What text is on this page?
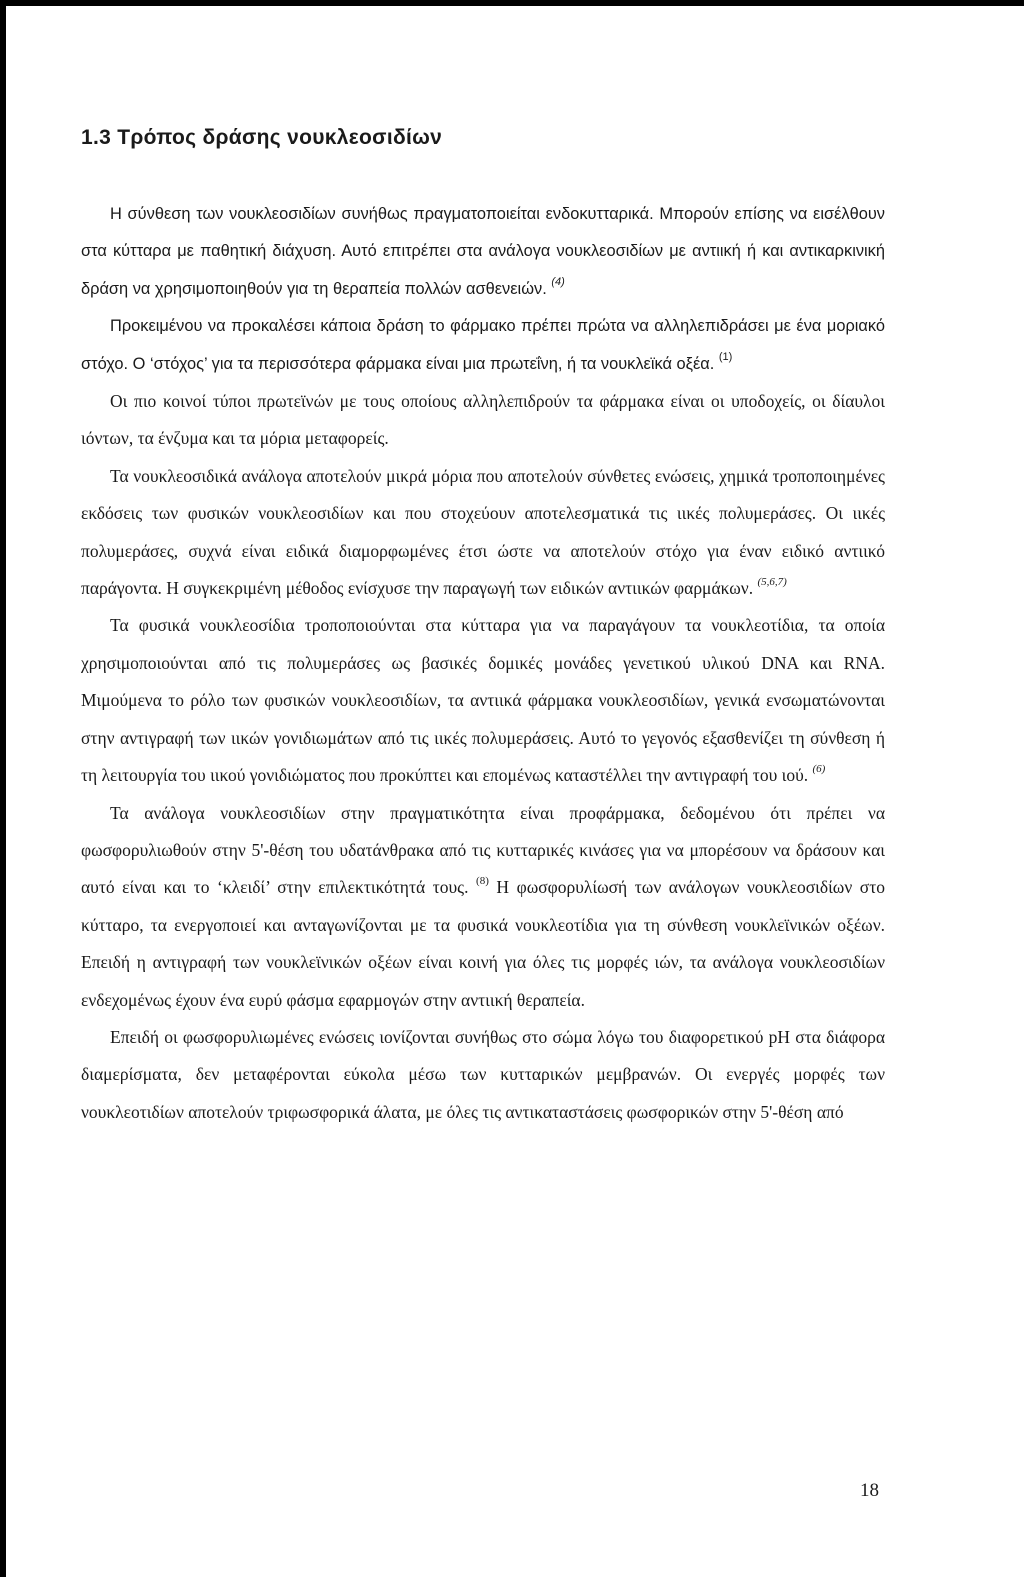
1.3 Τρόπος δράσης νουκλεοσιδίων

Η σύνθεση των νουκλεοσιδίων συνήθως πραγματοποιείται ενδοκυτταρικά. Μπορούν επίσης να εισέλθουν στα κύτταρα με παθητική διάχυση. Αυτό επιτρέπει στα ανάλογα νουκλεοσιδίων με αντιική ή και αντικαρκινική δράση να χρησιμοποιηθούν για τη θεραπεία πολλών ασθενειών. $^{(4)}$

Προκειμένου να προκαλέσει κάποια δράση το φάρμακο πρέπει πρώτα να αλληλεπιδράσει με ένα μοριακό στόχο. Ο ‘στόχος’ για τα περισσότερα φάρμακα είναι μια πρωτεΐνη, ή τα νουκλεϊκά οξέα. $^{(1)}$

Οι πιο κοινοί τύποι πρωτεϊνών με τους οποίους αλληλεπιδρούν τα φάρμακα είναι οι υποδοχείς, οι δίαυλοι ιόντων, τα ένζυμα και τα μόρια μεταφορείς.

Τα νουκλεοσιδικά ανάλογα αποτελούν μικρά μόρια που αποτελούν σύνθετες ενώσεις, χημικά τροποποιημένες εκδόσεις των φυσικών νουκλεοσιδίων και που στοχεύουν αποτελεσματικά τις ιικές πολυμεράσες. Οι ιικές πολυμεράσες, συχνά είναι ειδικά διαμορφωμένες έτσι ώστε να αποτελούν στόχο για έναν ειδικό αντιικό παράγοντα. Η συγκεκριμένη μέθοδος ενίσχυσε την παραγωγή των ειδικών αντιικών φαρμάκων. $^{(5,6,7)}$

Τα φυσικά νουκλεοσίδια τροποποιούνται στα κύτταρα για να παραγάγουν τα νουκλεοτίδια, τα οποία χρησιμοποιούνται από τις πολυμεράσες ως βασικές δομικές μονάδες γενετικού υλικού DNA και RNA. Μιμούμενα το ρόλο των φυσικών νουκλεοσιδίων, τα αντιικά φάρμακα νουκλεοσιδίων, γενικά ενσωματώνονται στην αντιγραφή των ιικών γονιδιωμάτων από τις ιικές πολυμεράσεις. Αυτό το γεγονός εξασθενίζει τη σύνθεση ή τη λειτουργία του ιικού γονιδιώματος που προκύπτει και επομένως καταστέλλει την αντιγραφή του ιού. $^{(6)}$

Τα ανάλογα νουκλεοσιδίων στην πραγματικότητα είναι προφάρμακα, δεδομένου ότι πρέπει να φωσφορυλιωθούν στην 5'-θέση του υδατάνθρακα από τις κυτταρικές κινάσες για να μπορέσουν να δράσουν και αυτό είναι και το ‘κλειδί’ στην επιλεκτικότητά τους. $^{(8)}$ Η φωσφορυλίωσή των ανάλογων νουκλεοσιδίων στο κύτταρο, τα ενεργοποιεί και ανταγωνίζονται με τα φυσικά νουκλεοτίδια για τη σύνθεση νουκλεϊνικών οξέων. Επειδή η αντιγραφή των νουκλεϊνικών οξέων είναι κοινή για όλες τις μορφές ιών, τα ανάλογα νουκλεοσιδίων ενδεχομένως έχουν ένα ευρύ φάσμα εφαρμογών στην αντιική θεραπεία.

Επειδή οι φωσφορυλιωμένες ενώσεις ιονίζονται συνήθως στο σώμα λόγω του διαφορετικού pH στα διάφορα διαμερίσματα, δεν μεταφέρονται εύκολα μέσω των κυτταρικών μεμβρανών. Οι ενεργές μορφές των νουκλεοτιδίων αποτελούν τριφωσφορικά άλατα, με όλες τις αντικαταστάσεις φωσφορικών στην 5'-θέση από

18
